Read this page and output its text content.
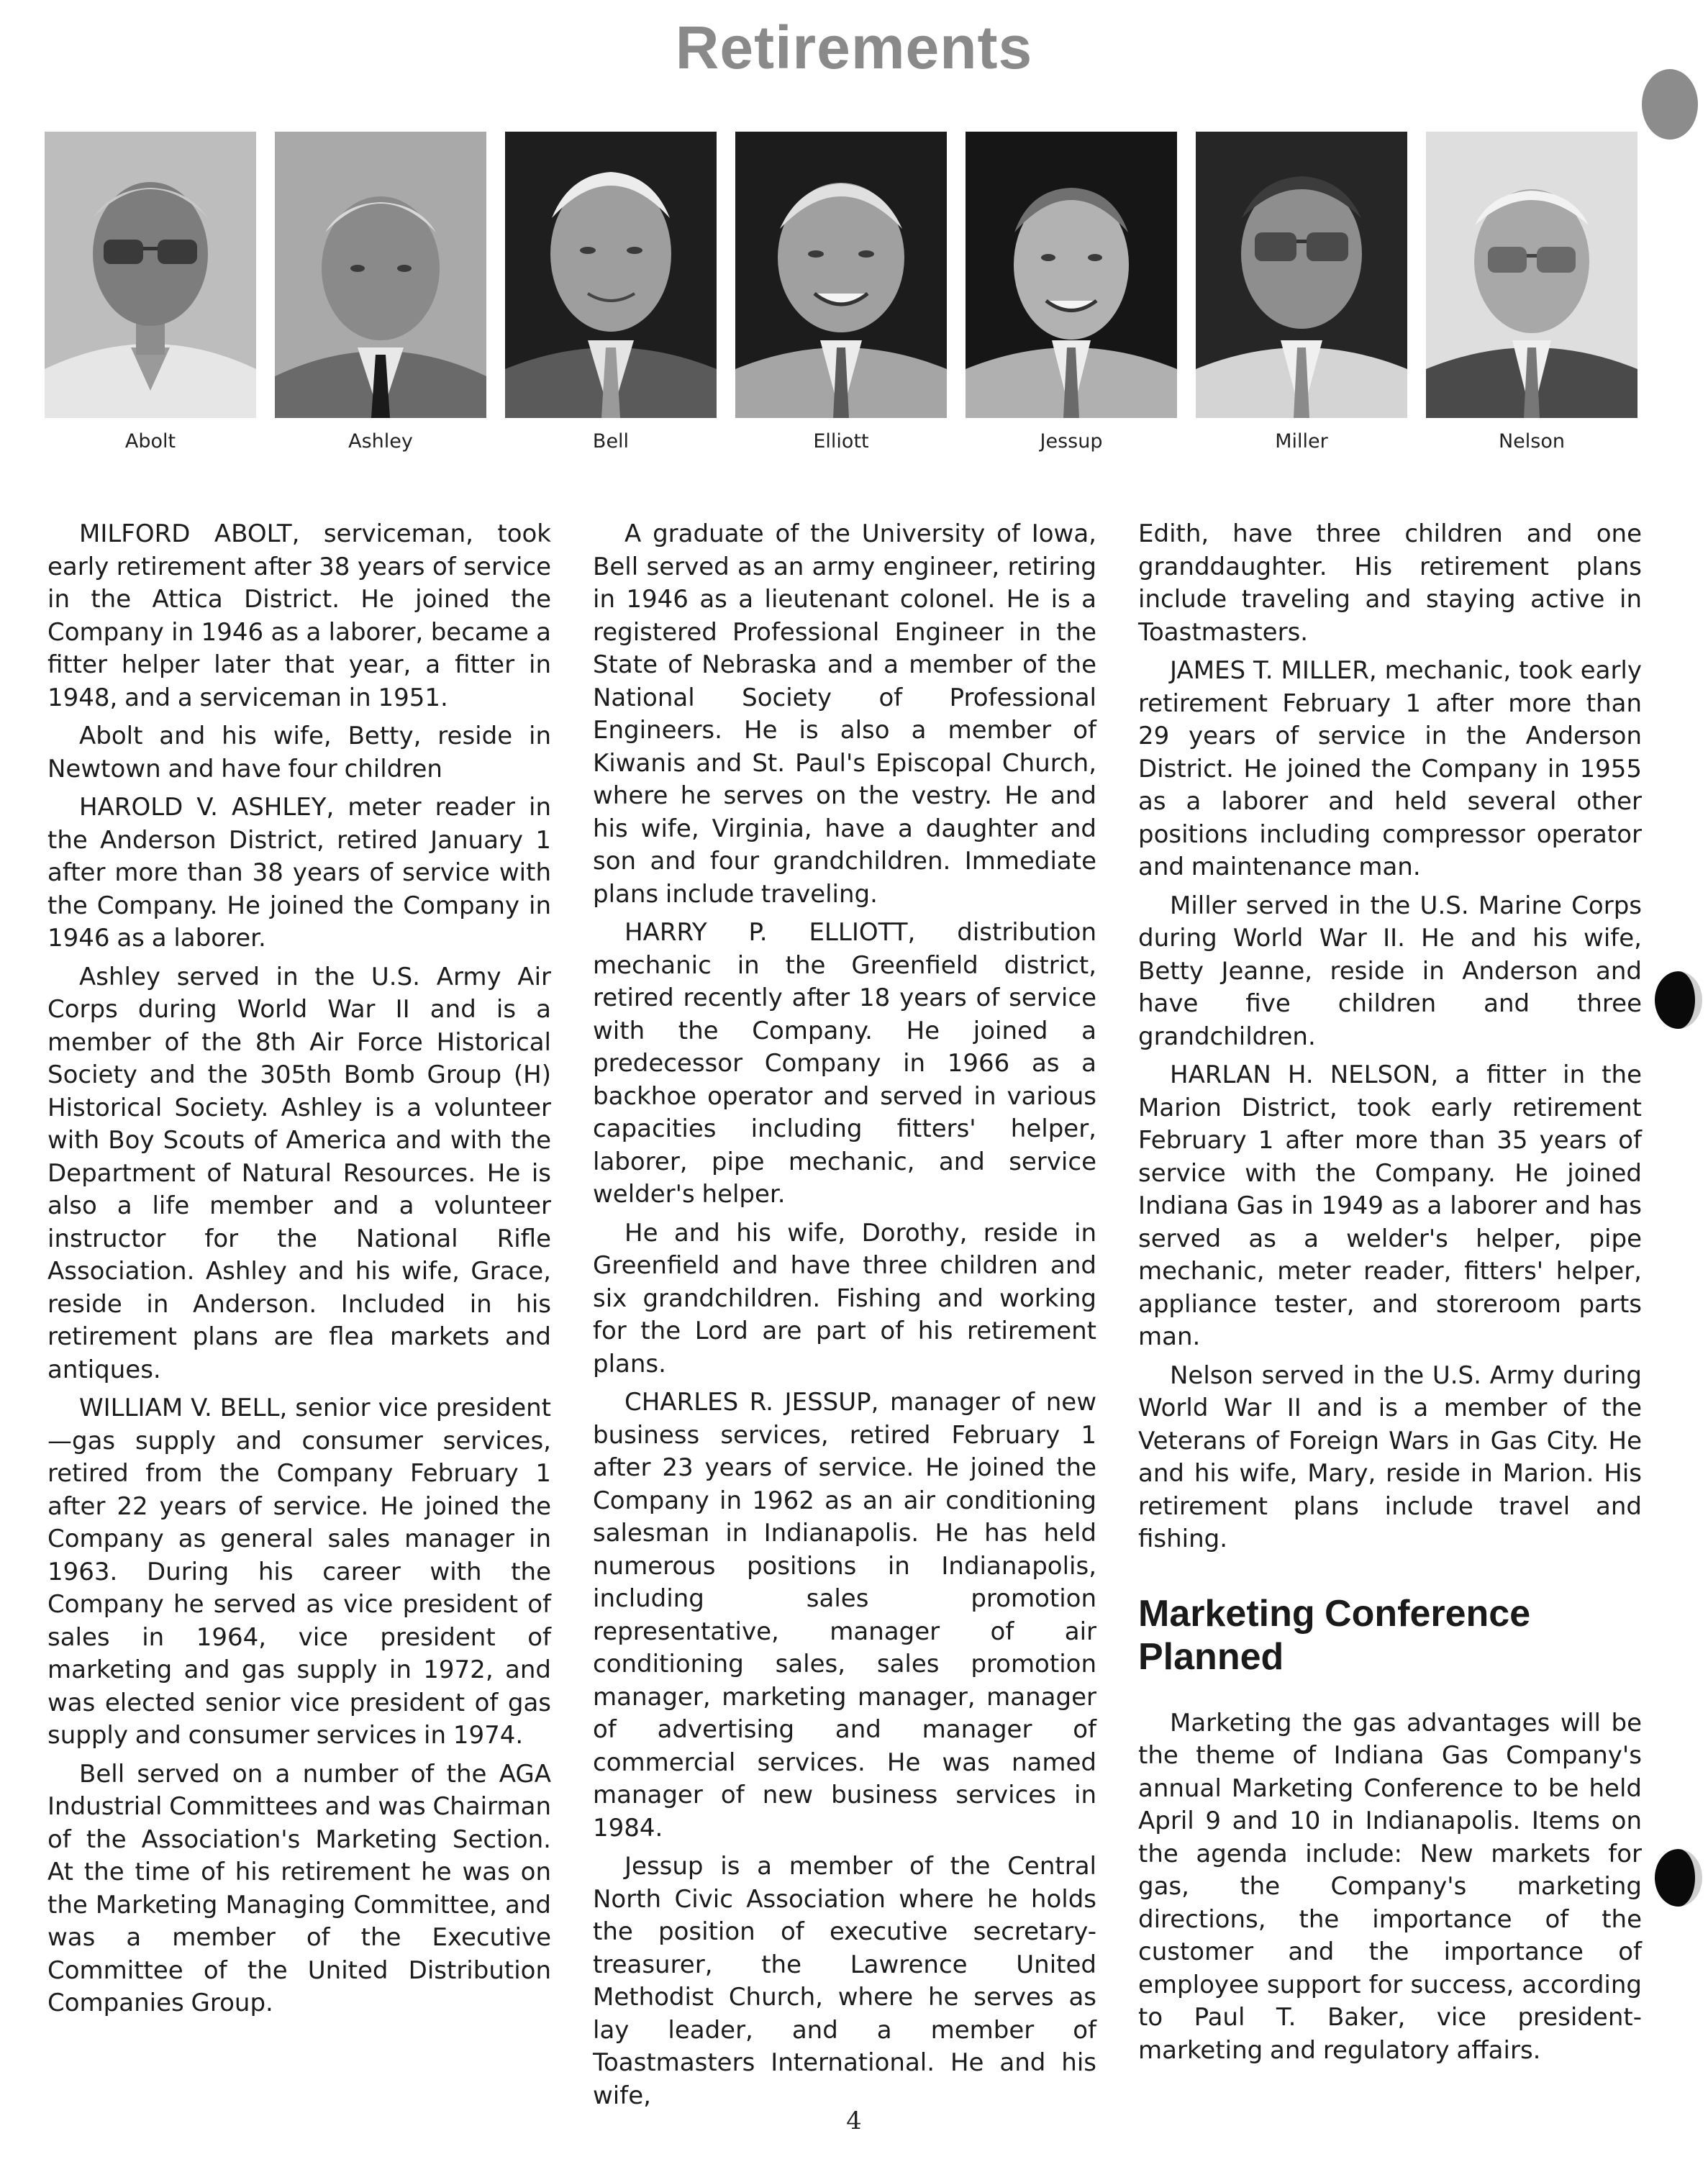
Retirements
Abolt	Ashley	Bell	Elliott	Jessup	Miller	Nelson

MILFORD ABOLT, serviceman, took early retirement after 38 years of service in the Attica District. He joined the Company in 1946 as a laborer, became a fitter helper later that year, a fitter in 1948, and a serviceman in 1951.

Abolt and his wife, Betty, reside in Newtown and have four children

HAROLD V. ASHLEY, meter reader in the Anderson District, retired January 1 after more than 38 years of service with the Company. He joined the Company in 1946 as a laborer.

Ashley served in the U.S. Army Air Corps during World War II and is a member of the 8th Air Force Historical Society and the 305th Bomb Group (H) Historical Society. Ashley is a volunteer with Boy Scouts of America and with the Department of Natural Resources. He is also a life member and a volunteer instructor for the National Rifle Association. Ashley and his wife, Grace, reside in Anderson. Included in his retirement plans are flea markets and antiques.

WILLIAM V. BELL, senior vice president—gas supply and consumer services, retired from the Company February 1 after 22 years of service. He joined the Company as general sales manager in 1963. During his career with the Company he served as vice president of sales in 1964, vice president of marketing and gas supply in 1972, and was elected senior vice president of gas supply and consumer services in 1974.

Bell served on a number of the AGA Industrial Committees and was Chairman of the Association's Marketing Section. At the time of his retirement he was on the Marketing Managing Committee, and was a member of the Executive Committee of the United Distribution Companies Group.

A graduate of the University of Iowa, Bell served as an army engineer, retiring in 1946 as a lieutenant colonel. He is a registered Professional Engineer in the State of Nebraska and a member of the National Society of Professional Engineers. He is also a member of Kiwanis and St. Paul's Episcopal Church, where he serves on the vestry. He and his wife, Virginia, have a daughter and son and four grandchildren. Immediate plans include traveling.

HARRY P. ELLIOTT, distribution mechanic in the Greenfield district, retired recently after 18 years of service with the Company. He joined a predecessor Company in 1966 as a backhoe operator and served in various capacities including fitters' helper, laborer, pipe mechanic, and service welder's helper.

He and his wife, Dorothy, reside in Greenfield and have three children and six grandchildren. Fishing and working for the Lord are part of his retirement plans.

CHARLES R. JESSUP, manager of new business services, retired February 1 after 23 years of service. He joined the Company in 1962 as an air conditioning salesman in Indianapolis. He has held numerous positions in Indianapolis, including sales promotion representative, manager of air conditioning sales, sales promotion manager, marketing manager, manager of advertising and manager of commercial services. He was named manager of new business services in 1984.

Jessup is a member of the Central North Civic Association where he holds the position of executive secretary-treasurer, the Lawrence United Methodist Church, where he serves as lay leader, and a member of Toastmasters International. He and his wife,

Edith, have three children and one granddaughter. His retirement plans include traveling and staying active in Toastmasters.

JAMES T. MILLER, mechanic, took early retirement February 1 after more than 29 years of service in the Anderson District. He joined the Company in 1955 as a laborer and held several other positions including compressor operator and maintenance man.

Miller served in the U.S. Marine Corps during World War II. He and his wife, Betty Jeanne, reside in Anderson and have five children and three grandchildren.

HARLAN H. NELSON, a fitter in the Marion District, took early retirement February 1 after more than 35 years of service with the Company. He joined Indiana Gas in 1949 as a laborer and has served as a welder's helper, pipe mechanic, meter reader, fitters' helper, appliance tester, and storeroom parts man.

Nelson served in the U.S. Army during World War II and is a member of the Veterans of Foreign Wars in Gas City. He and his wife, Mary, reside in Marion. His retirement plans include travel and fishing.

Marketing Conference Planned

Marketing the gas advantages will be the theme of Indiana Gas Company's annual Marketing Conference to be held April 9 and 10 in Indianapolis. Items on the agenda include: New markets for gas, the Company's marketing directions, the importance of the customer and the importance of employee support for success, according to Paul T. Baker, vice president-marketing and regulatory affairs.

4
